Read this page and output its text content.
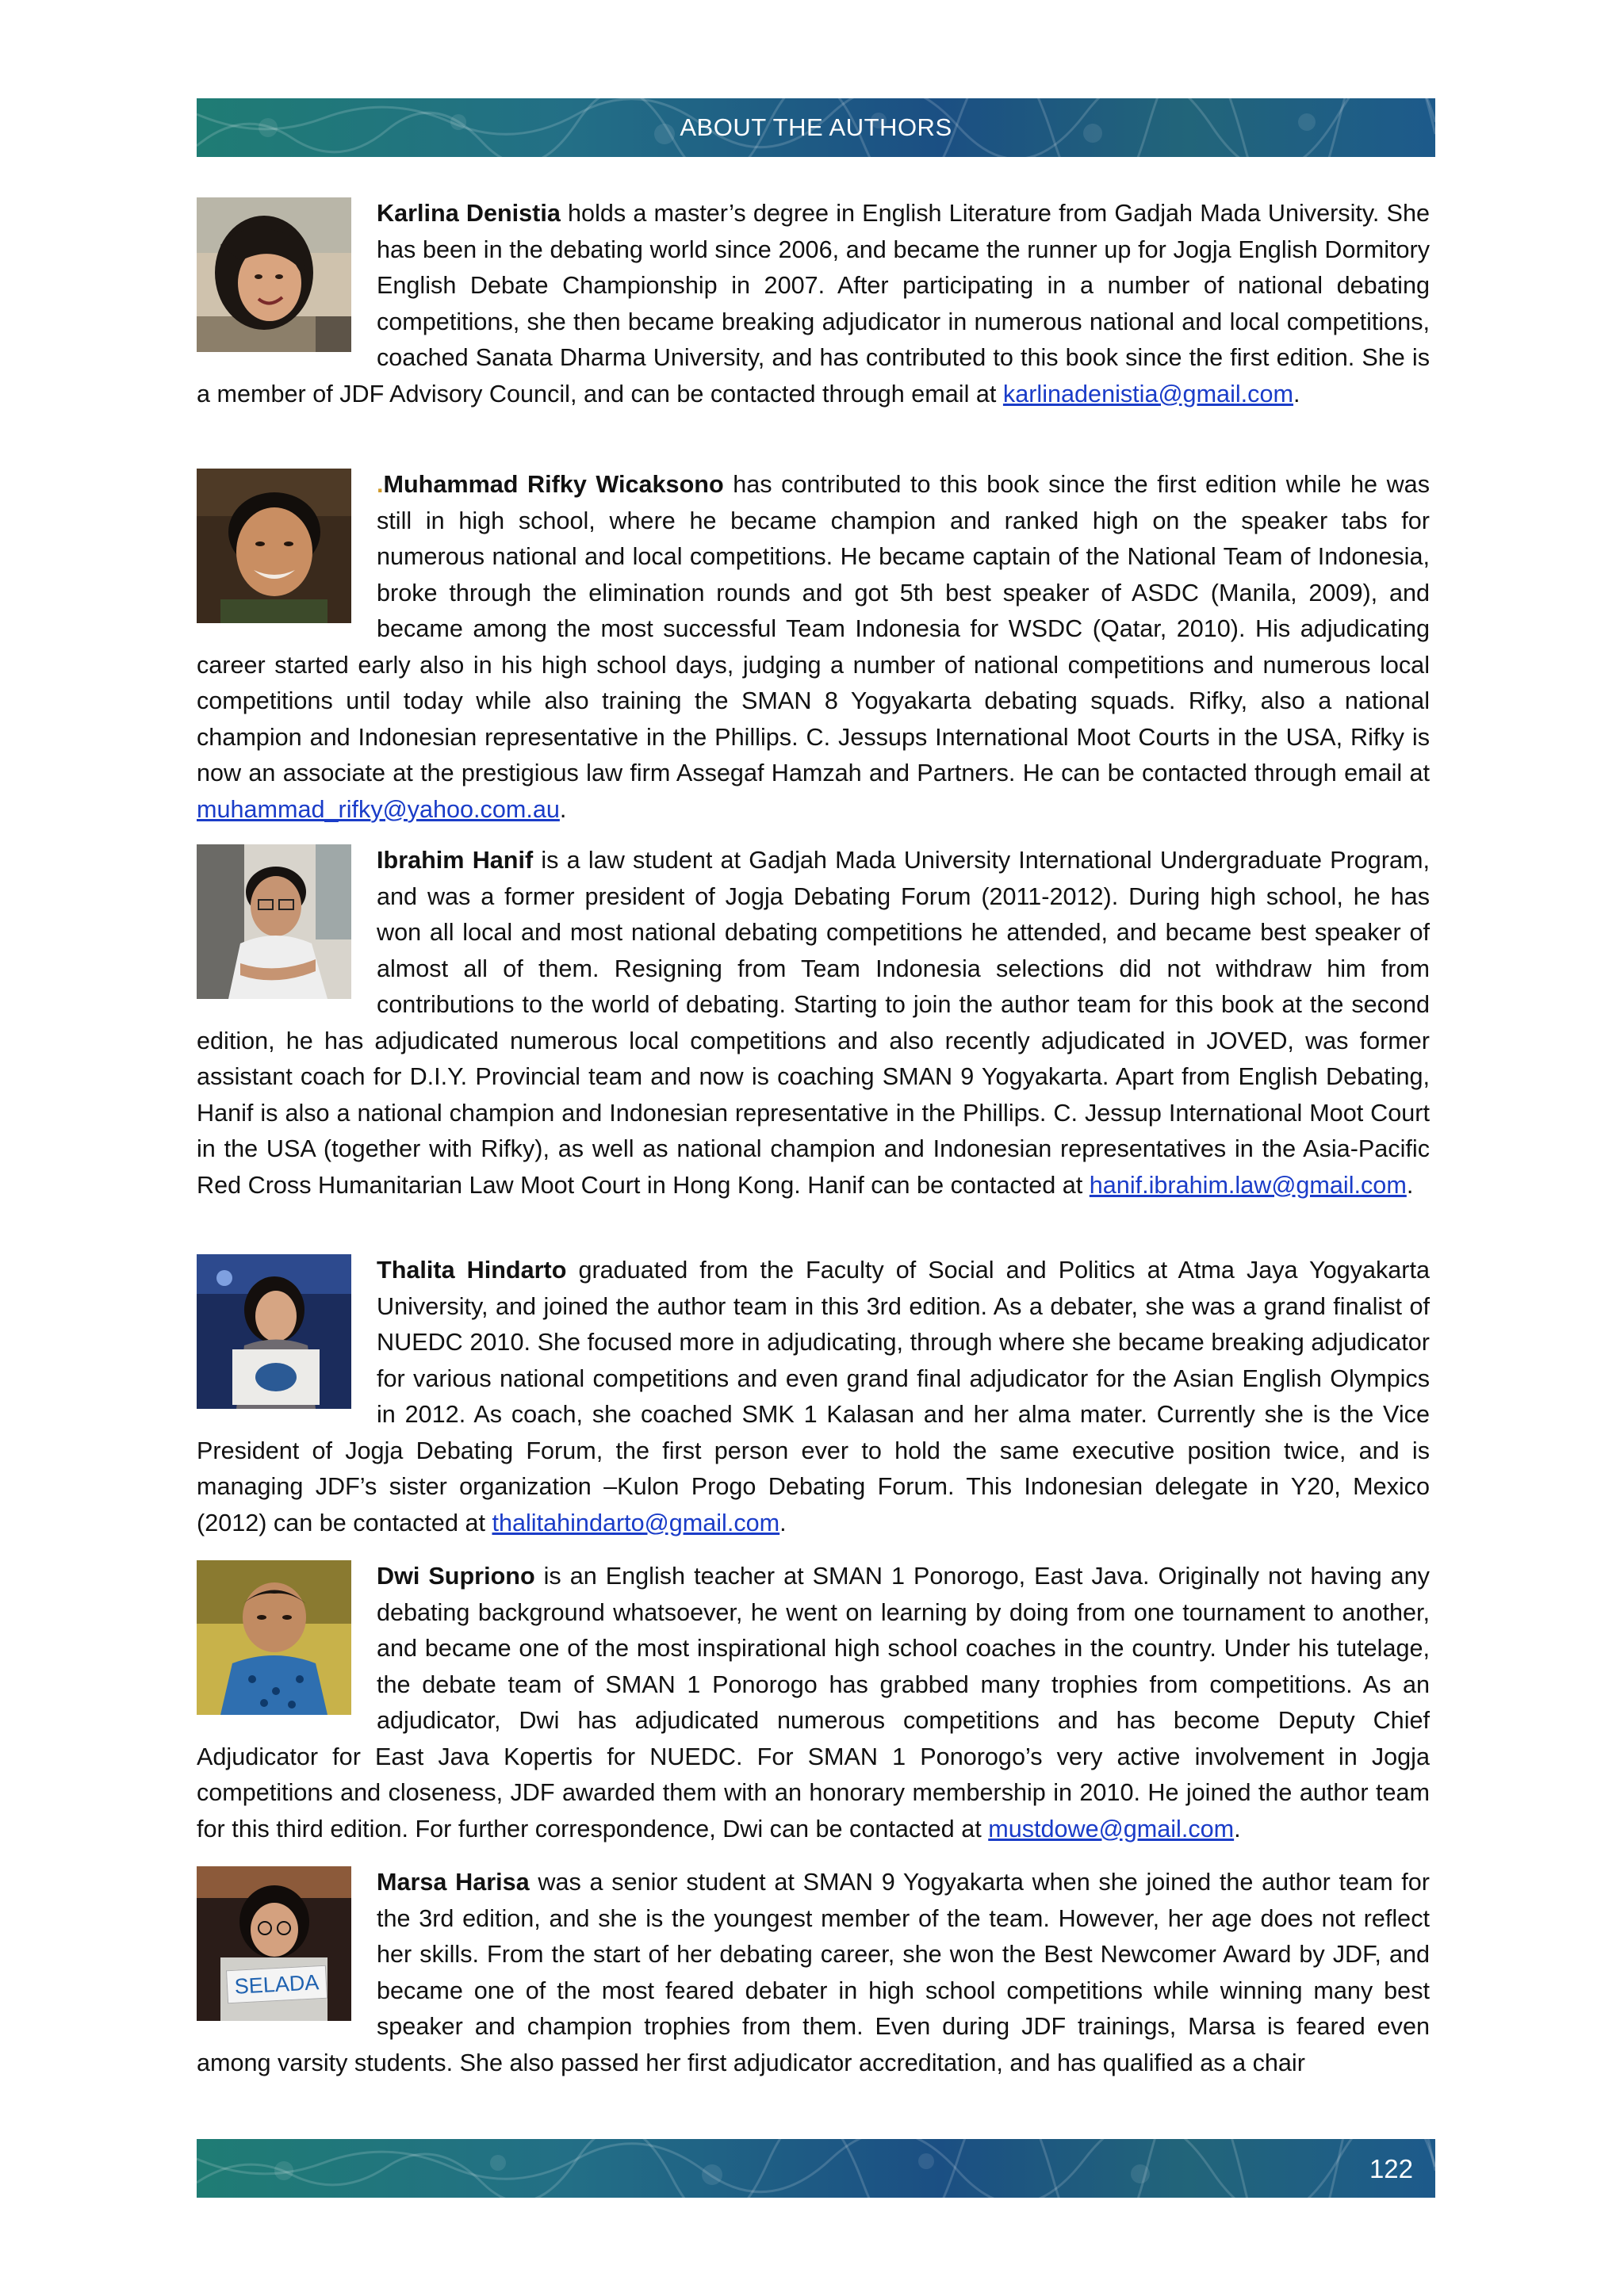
ABOUT THE AUTHORS

Karlina Denistia holds a master’s degree in English Literature from Gadjah Mada University. She has been in the debating world since 2006, and became the runner up for Jogja English Dormitory English Debate Championship in 2007. After participating in a number of national debating competitions, she then became breaking adjudicator in numerous national and local competitions, coached Sanata Dharma University, and has contributed to this book since the first edition. She is a member of JDF Advisory Council, and can be contacted through email at karlinadenistia@gmail.com.

.Muhammad Rifky Wicaksono has contributed to this book since the first edition while he was still in high school, where he became champion and ranked high on the speaker tabs for numerous national and local competitions. He became captain of the National Team of Indonesia, broke through the elimination rounds and got 5th best speaker of ASDC (Manila, 2009), and became among the most successful Team Indonesia for WSDC (Qatar, 2010). His adjudicating career started early also in his high school days, judging a number of national competitions and numerous local competitions until today while also training the SMAN 8 Yogyakarta debating squads. Rifky, also a national champion and Indonesian representative in the Phillips. C. Jessups International Moot Courts in the USA, Rifky is now an associate at the prestigious law firm Assegaf Hamzah and Partners. He can be contacted through email at muhammad_rifky@yahoo.com.au.

Ibrahim Hanif is a law student at Gadjah Mada University International Undergraduate Program, and was a former president of Jogja Debating Forum (2011-2012). During high school, he has won all local and most national debating competitions he attended, and became best speaker of almost all of them. Resigning from Team Indonesia selections did not withdraw him from contributions to the world of debating. Starting to join the author team for this book at the second edition, he has adjudicated numerous local competitions and also recently adjudicated in JOVED, was former assistant coach for D.I.Y. Provincial team and now is coaching SMAN 9 Yogyakarta. Apart from English Debating, Hanif is also a national champion and Indonesian representative in the Phillips. C. Jessup International Moot Court in the USA (together with Rifky), as well as national champion and Indonesian representatives in the Asia-Pacific Red Cross Humanitarian Law Moot Court in Hong Kong. Hanif can be contacted at hanif.ibrahim.law@gmail.com.

Thalita Hindarto graduated from the Faculty of Social and Politics at Atma Jaya Yogyakarta University, and joined the author team in this 3rd edition. As a debater, she was a grand finalist of NUEDC 2010. She focused more in adjudicating, through where she became breaking adjudicator for various national competitions and even grand final adjudicator for the Asian English Olympics in 2012. As coach, she coached SMK 1 Kalasan and her alma mater. Currently she is the Vice President of Jogja Debating Forum, the first person ever to hold the same executive position twice, and is managing JDF’s sister organization –Kulon Progo Debating Forum. This Indonesian delegate in Y20, Mexico (2012) can be contacted at thalitahindarto@gmail.com.

Dwi Supriono is an English teacher at SMAN 1 Ponorogo, East Java. Originally not having any debating background whatsoever, he went on learning by doing from one tournament to another, and became one of the most inspirational high school coaches in the country. Under his tutelage, the debate team of SMAN 1 Ponorogo has grabbed many trophies from competitions. As an adjudicator, Dwi has adjudicated numerous competitions and has become Deputy Chief Adjudicator for East Java Kopertis for NUEDC. For SMAN 1 Ponorogo’s very active involvement in Jogja competitions and closeness, JDF awarded them with an honorary membership in 2010. He joined the author team for this third edition. For further correspondence, Dwi can be contacted at mustdowe@gmail.com.

SELADA

Marsa Harisa was a senior student at SMAN 9 Yogyakarta when she joined the author team for the 3rd edition, and she is the youngest member of the team. However, her age does not reflect her skills. From the start of her debating career, she won the Best Newcomer Award by JDF, and became one of the most feared debater in high school competitions while winning many best speaker and champion trophies from them. Even during JDF trainings, Marsa is feared even among varsity students. She also passed her first adjudicator accreditation, and has qualified as a chair

122
